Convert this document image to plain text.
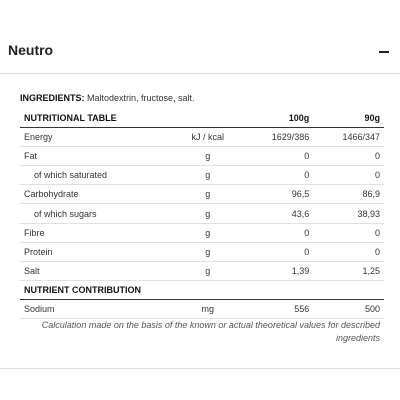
Neutro
INGREDIENTS: Maltodextrin, fructose, salt.
NUTRITIONAL TABLE		100g	90g
Energy	kJ / kcal	1629/386	1466/347
Fat	g	0	0
of which saturated	g	0	0
Carbohydrate	g	96,5	86,9
of which sugars	g	43,6	38,93
Fibre	g	0	0
Protein	g	0	0
Salt	g	1,39	1,25
NUTRIENT CONTRIBUTION			
Sodium	mg	556	500
Calculation made on the basis of the known or actual theoretical values for described ingredients
